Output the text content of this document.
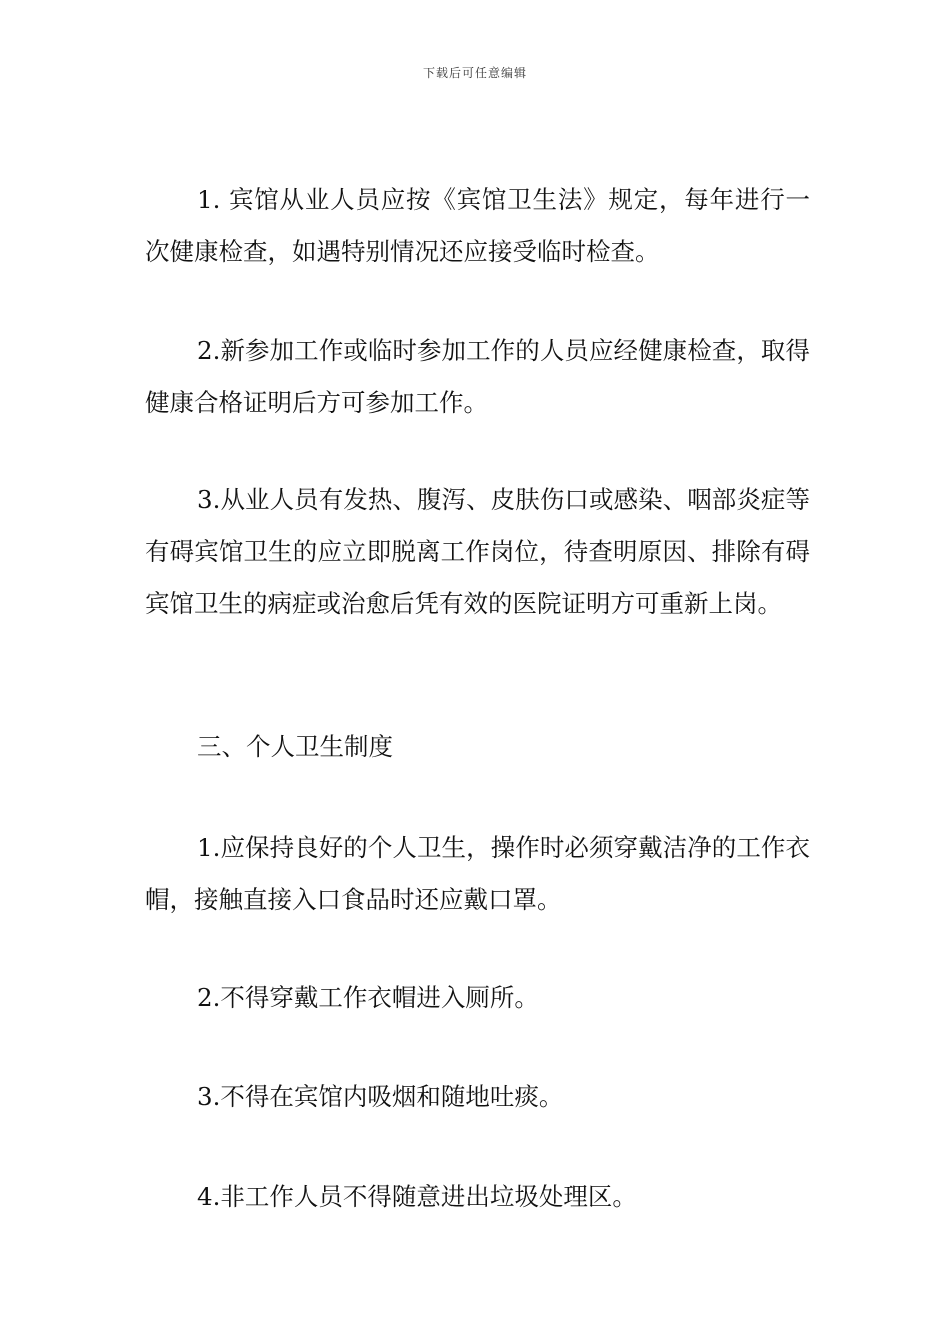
下载后可任意编辑

1. 宾馆从业人员应按《宾馆卫生法》规定，每年进行一次健康检查，如遇特别情况还应接受临时检查。

2.新参加工作或临时参加工作的人员应经健康检查，取得健康合格证明后方可参加工作。

3.从业人员有发热、腹泻、皮肤伤口或感染、咽部炎症等有碍宾馆卫生的应立即脱离工作岗位，待查明原因、排除有碍宾馆卫生的病症或治愈后凭有效的医院证明方可重新上岗。

三、个人卫生制度

1.应保持良好的个人卫生，操作时必须穿戴洁净的工作衣帽，接触直接入口食品时还应戴口罩。

2.不得穿戴工作衣帽进入厕所。

3.不得在宾馆内吸烟和随地吐痰。

4.非工作人员不得随意进出垃圾处理区。
